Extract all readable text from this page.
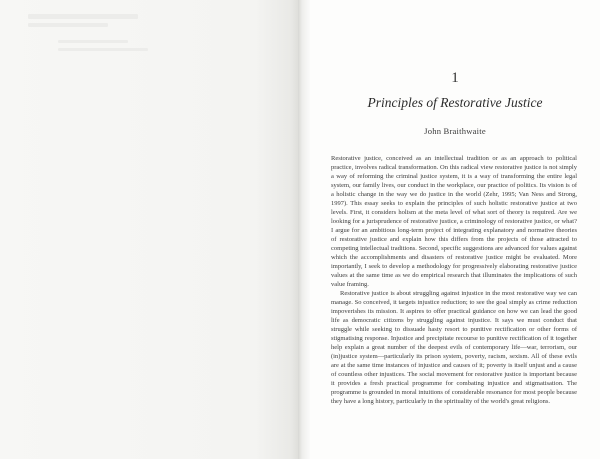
1
Principles of Restorative Justice
John Braithwaite

Restorative justice, conceived as an intellectual tradition or as an approach to political practice, involves radical transformation. On this radical view restorative justice is not simply a way of reforming the criminal justice system, it is a way of transforming the entire legal system, our family lives, our conduct in the workplace, our practice of politics. Its vision is of a holistic change in the way we do justice in the world (Zehr, 1995; Van Ness and Strong, 1997). This essay seeks to explain the principles of such holistic restorative justice at two levels. First, it considers holism at the meta level of what sort of theory is required. Are we looking for a jurisprudence of restorative justice, a criminology of restorative justice, or what? I argue for an ambitious long-term project of integrating explanatory and normative theories of restorative justice and explain how this differs from the projects of those attracted to competing intellectual traditions. Second, specific suggestions are advanced for values against which the accomplishments and disasters of restorative justice might be evaluated. More importantly, I seek to develop a methodology for progressively elaborating restorative justice values at the same time as we do empirical research that illuminates the implications of such value framing.

Restorative justice is about struggling against injustice in the most restorative way we can manage. So conceived, it targets injustice reduction; to see the goal simply as crime reduction impoverishes its mission. It aspires to offer practical guidance on how we can lead the good life as democratic citizens by struggling against injustice. It says we must conduct that struggle while seeking to dissuade hasty resort to punitive rectification or other forms of stigmatising response. Injustice and precipitate recourse to punitive rectification of it together help explain a great number of the deepest evils of contemporary life—war, terrorism, our (in)justice system—particularly its prison system, poverty, racism, sexism. All of these evils are at the same time instances of injustice and causes of it; poverty is itself unjust and a cause of countless other injustices. The social movement for restorative justice is important because it provides a fresh practical programme for combating injustice and stigmatisation. The programme is grounded in moral intuitions of considerable resonance for most people because they have a long history, particularly in the spirituality of the world's great religions.
